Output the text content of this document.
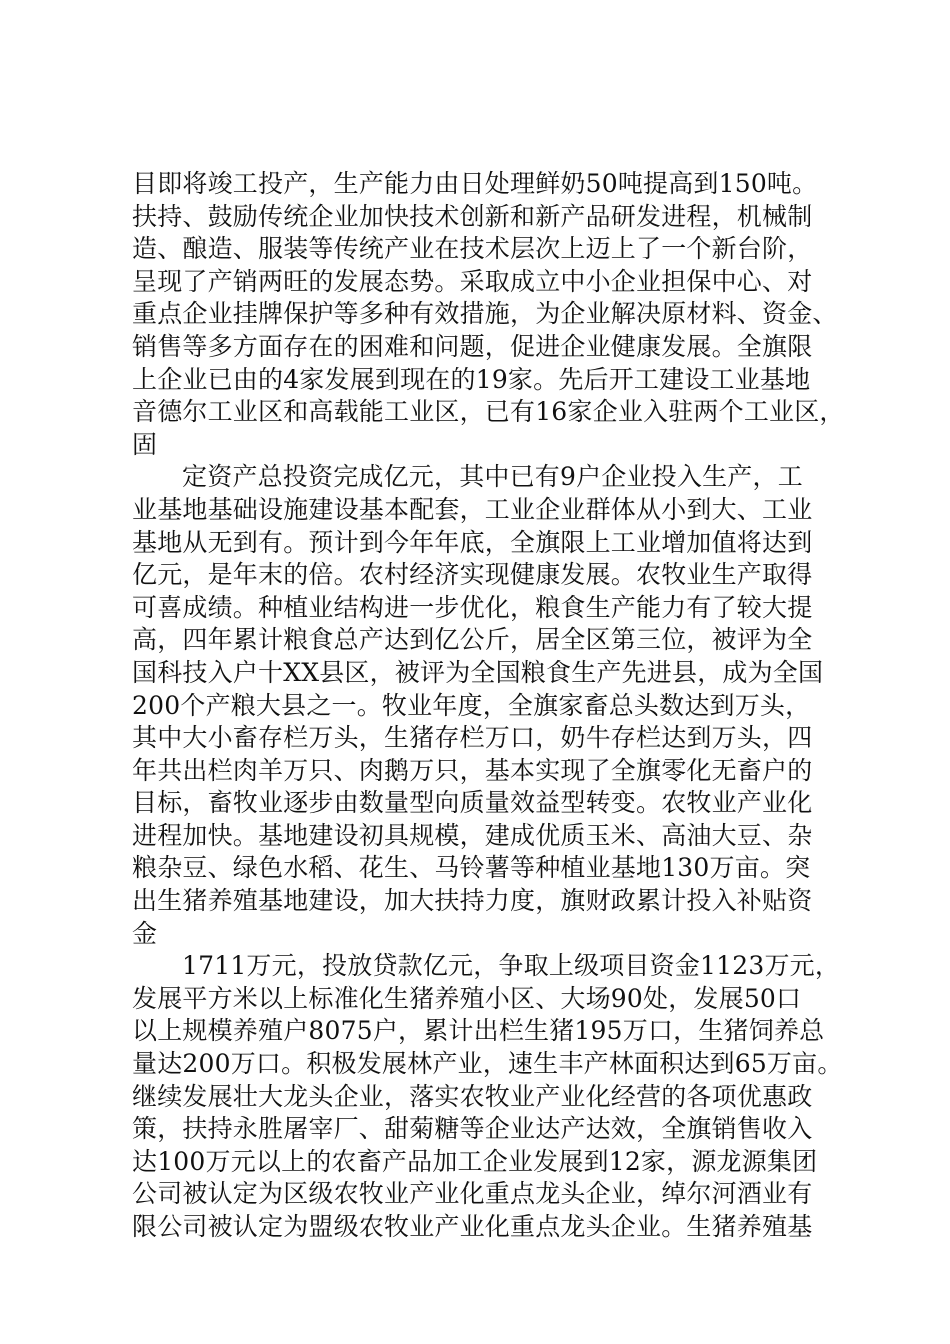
目即将竣工投产，生产能力由日处理鲜奶50吨提高到150吨。
扶持、鼓励传统企业加快技术创新和新产品研发进程，机械制
造、酿造、服装等传统产业在技术层次上迈上了一个新台阶，
呈现了产销两旺的发展态势。采取成立中小企业担保中心、对
重点企业挂牌保护等多种有效措施，为企业解决原材料、资金、
销售等多方面存在的困难和问题，促进企业健康发展。全旗限
上企业已由的4家发展到现在的19家。先后开工建设工业基地
音德尔工业区和高载能工业区，已有16家企业入驻两个工业区，
固
定资产总投资完成亿元，其中已有9户企业投入生产，工
业基地基础设施建设基本配套，工业企业群体从小到大、工业
基地从无到有。预计到今年年底，全旗限上工业增加值将达到
亿元，是年末的倍。农村经济实现健康发展。农牧业生产取得
可喜成绩。种植业结构进一步优化，粮食生产能力有了较大提
高，四年累计粮食总产达到亿公斤，居全区第三位，被评为全
国科技入户十XX县区，被评为全国粮食生产先进县，成为全国
200个产粮大县之一。牧业年度，全旗家畜总头数达到万头，
其中大小畜存栏万头，生猪存栏万口，奶牛存栏达到万头，四
年共出栏肉羊万只、肉鹅万只，基本实现了全旗零化无畜户的
目标，畜牧业逐步由数量型向质量效益型转变。农牧业产业化
进程加快。基地建设初具规模，建成优质玉米、高油大豆、杂
粮杂豆、绿色水稻、花生、马铃薯等种植业基地130万亩。突
出生猪养殖基地建设，加大扶持力度，旗财政累计投入补贴资
金
1711万元，投放贷款亿元，争取上级项目资金1123万元，
发展平方米以上标准化生猪养殖小区、大场90处，发展50口
以上规模养殖户8075户，累计出栏生猪195万口，生猪饲养总
量达200万口。积极发展林产业，速生丰产林面积达到65万亩。
继续发展壮大龙头企业，落实农牧业产业化经营的各项优惠政
策，扶持永胜屠宰厂、甜菊糖等企业达产达效，全旗销售收入
达100万元以上的农畜产品加工企业发展到12家，源龙源集团
公司被认定为区级农牧业产业化重点龙头企业，绰尔河酒业有
限公司被认定为盟级农牧业产业化重点龙头企业。生猪养殖基
